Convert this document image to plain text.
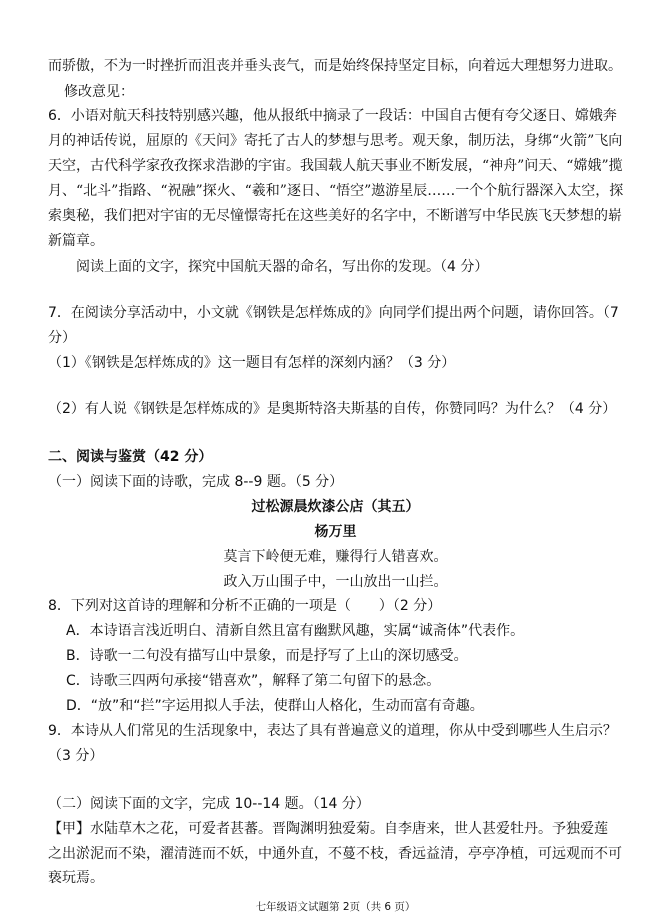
而骄傲，不为一时挫折而沮丧并垂头丧气，而是始终保持坚定目标，向着远大理想努力进取。
修改意见：
6．小语对航天科技特别感兴趣，他从报纸中摘录了一段话：中国自古便有夸父逐日、嫦娥奔
月的神话传说，屈原的《天问》寄托了古人的梦想与思考。观天象，制历法，身绑“火箭”飞向
天空，古代科学家孜孜探求浩渺的宇宙。我国载人航天事业不断发展，“神舟”问天、“嫦娥”揽
月、“北斗”指路、“祝融”探火、“羲和”逐日、“悟空”遨游星辰……一个个航行器深入太空，探
索奥秘，我们把对宇宙的无尽憧憬寄托在这些美好的名字中，不断谱写中华民族飞天梦想的崭
新篇章。
阅读上面的文字，探究中国航天器的命名，写出你的发现。（4 分）
7．在阅读分享活动中，小文就《钢铁是怎样炼成的》向同学们提出两个问题，请你回答。（7
分）
（1）《钢铁是怎样炼成的》这一题目有怎样的深刻内涵？（3 分）
（2）有人说《钢铁是怎样炼成的》是奥斯特洛夫斯基的自传，你赞同吗？为什么？（4 分）
二、阅读与鉴赏（42 分）
（一）阅读下面的诗歌，完成 8--9 题。（5 分）
过松源晨炊漆公店（其五）
杨万里
莫言下岭便无难，赚得行人错喜欢。
政入万山围子中，一山放出一山拦。
8．下列对这首诗的理解和分析不正确的一项是（　　）（2 分）
A．本诗语言浅近明白、清新自然且富有幽默风趣，实属“诚斋体”代表作。
B．诗歌一二句没有描写山中景象，而是抒写了上山的深切感受。
C．诗歌三四两句承接“错喜欢”，解释了第二句留下的悬念。
D．“放”和“拦”字运用拟人手法，使群山人格化，生动而富有奇趣。
9．本诗从人们常见的生活现象中，表达了具有普遍意义的道理，你从中受到哪些人生启示？
（3 分）
（二）阅读下面的文字，完成 10--14 题。（14 分）
【甲】水陆草木之花，可爱者甚蕃。晋陶渊明独爱菊。自李唐来，世人甚爱牡丹。予独爱莲
之出淤泥而不染，濯清涟而不妖，中通外直，不蔓不枝，香远益清，亭亭净植，可远观而不可
亵玩焉。
七年级语文试题第 2页（共 6 页）
